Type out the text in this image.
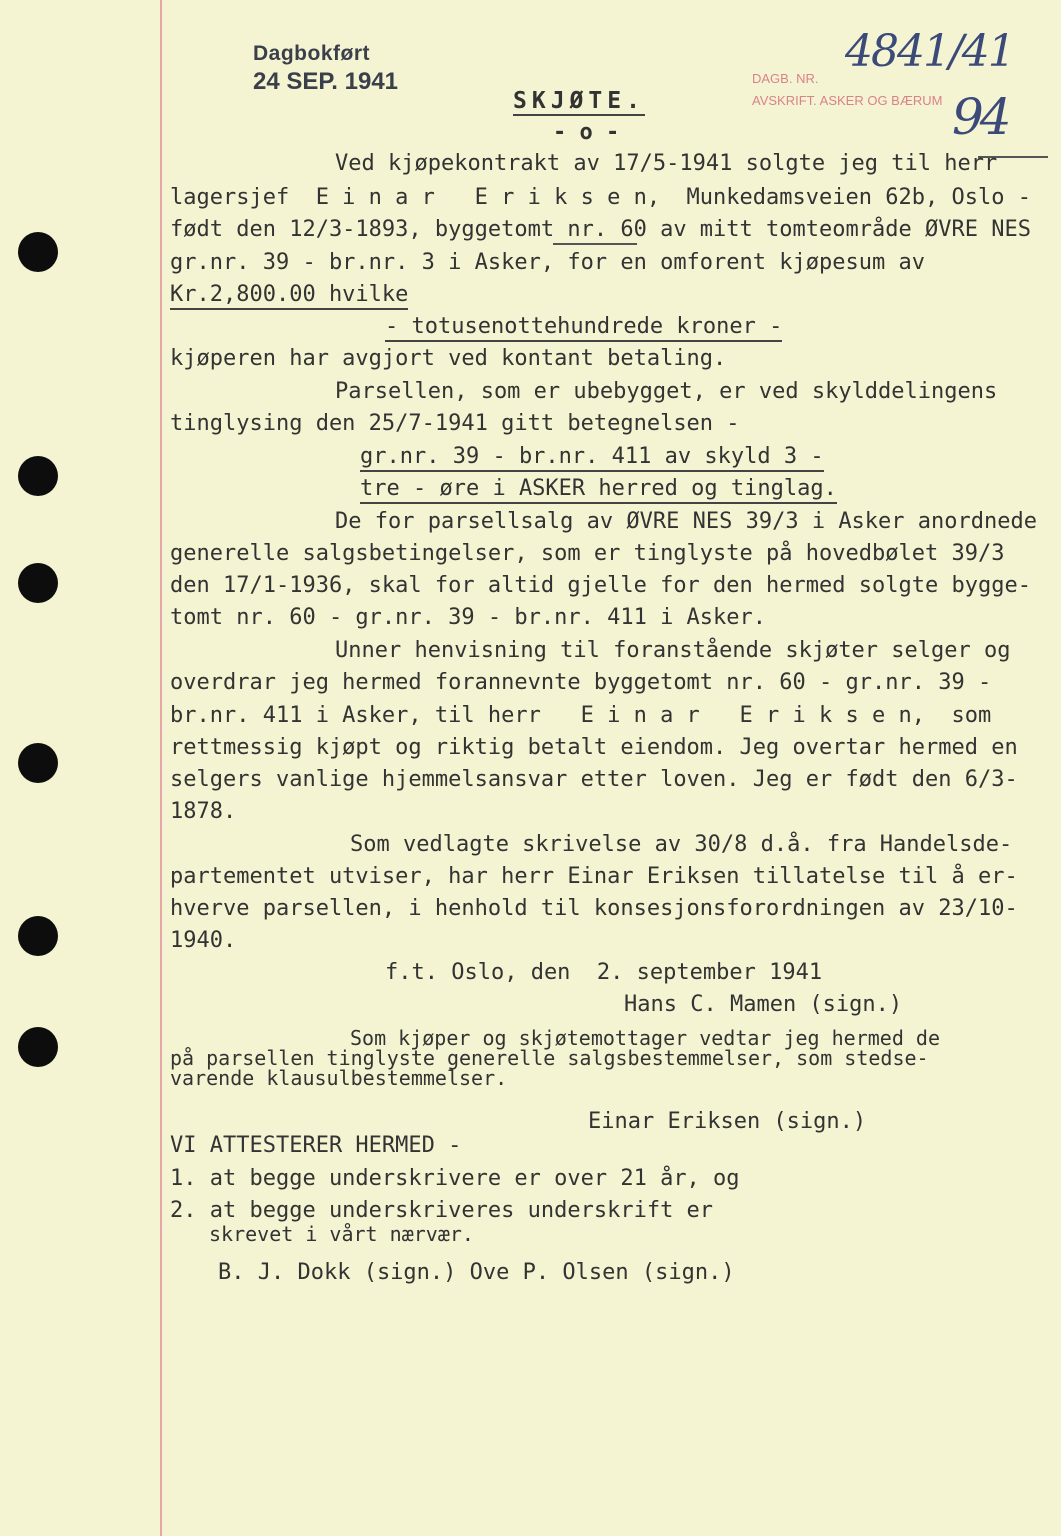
Dagbokført
24 SEP. 1941	DAGB. NR.
AVSKRIFT. ASKER OG BÆRUM
4841/41
94
SKJØTE.
- o -
Ved kjøpekontrakt av 17/5-1941 solgte jeg til herr
lagersjef  E i n a r   E r i k s e n,  Munkedamsveien 62b, Oslo -
født den 12/3-1893, byggetomt nr. 60 av mitt tomteområde ØVRE NES
gr.nr. 39 - br.nr. 3 i Asker, for en omforent kjøpesum av
Kr.2,800.00 hvilke
- totusenottehundrede kroner -
kjøperen har avgjort ved kontant betaling.
Parsellen, som er ubebygget, er ved skylddelingens
tinglysing den 25/7-1941 gitt betegnelsen -
gr.nr. 39 - br.nr. 411 av skyld 3 -
tre - øre i ASKER herred og tinglag.
De for parsellsalg av ØVRE NES 39/3 i Asker anordnede
generelle salgsbetingelser, som er tinglyste på hovedbølet 39/3
den 17/1-1936, skal for altid gjelle for den hermed solgte bygge-
tomt nr. 60 - gr.nr. 39 - br.nr. 411 i Asker.
Unner henvisning til foranstående skjøter selger og
overdrar jeg hermed forannevnte byggetomt nr. 60 - gr.nr. 39 -
br.nr. 411 i Asker, til herr   E i n a r   E r i k s e n,  som
rettmessig kjøpt og riktig betalt eiendom. Jeg overtar hermed en
selgers vanlige hjemmelsansvar etter loven. Jeg er født den 6/3-
1878.
Som vedlagte skrivelse av 30/8 d.å. fra Handelsde-
partementet utviser, har herr Einar Eriksen tillatelse til å er-
hverve parsellen, i henhold til konsesjonsforordningen av 23/10-
1940.
f.t. Oslo, den  2. september 1941
Hans C. Mamen (sign.)
Som kjøper og skjøtemottager vedtar jeg hermed de
på parsellen tinglyste generelle salgsbestemmelser, som stedse-
varende klausulbestemmelser.
Einar Eriksen (sign.)
VI ATTESTERER HERMED -
1. at begge underskrivere er over 21 år, og
2. at begge underskriveres underskrift er
skrevet i vårt nærvær.
B. J. Dokk (sign.) Ove P. Olsen (sign.)
